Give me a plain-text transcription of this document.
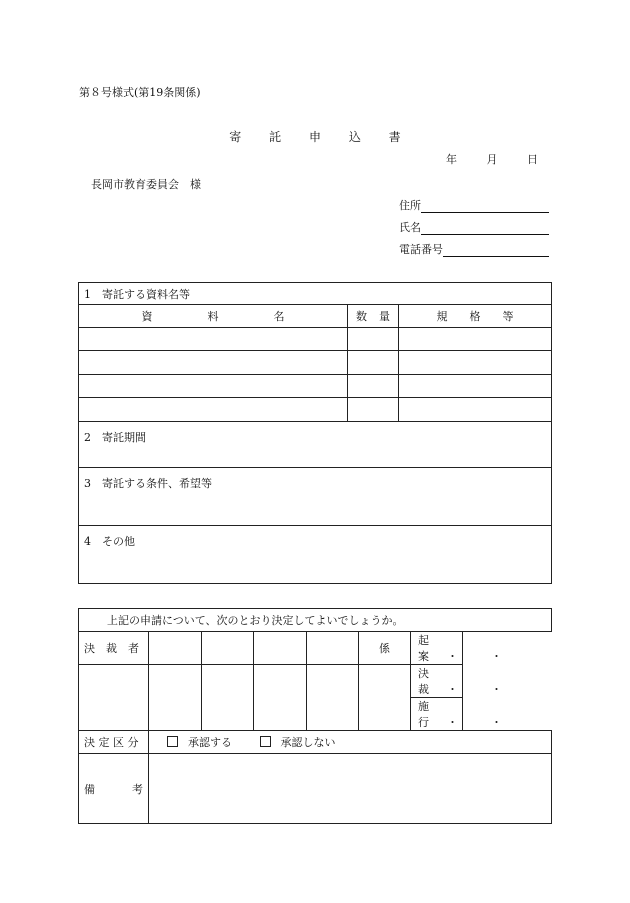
第８号様式(第19条関係)
寄 託 申 込 書
年	月	日
長岡市教育委員会　様
住所
氏名
電話番号
1　寄託する資料名等		
資 料 名	数 量	規 格 等

2　寄託期間		
3　寄託する条件、希望等		
4　その他		
上記の申請について、次のとおり決定してよいでしょうか。						
決　裁　者					係	起案 ・　　　・
						決裁 ・　　　・
						施行 ・　　　・
決 定 区 分	承認する 承認しない					
備 考						
